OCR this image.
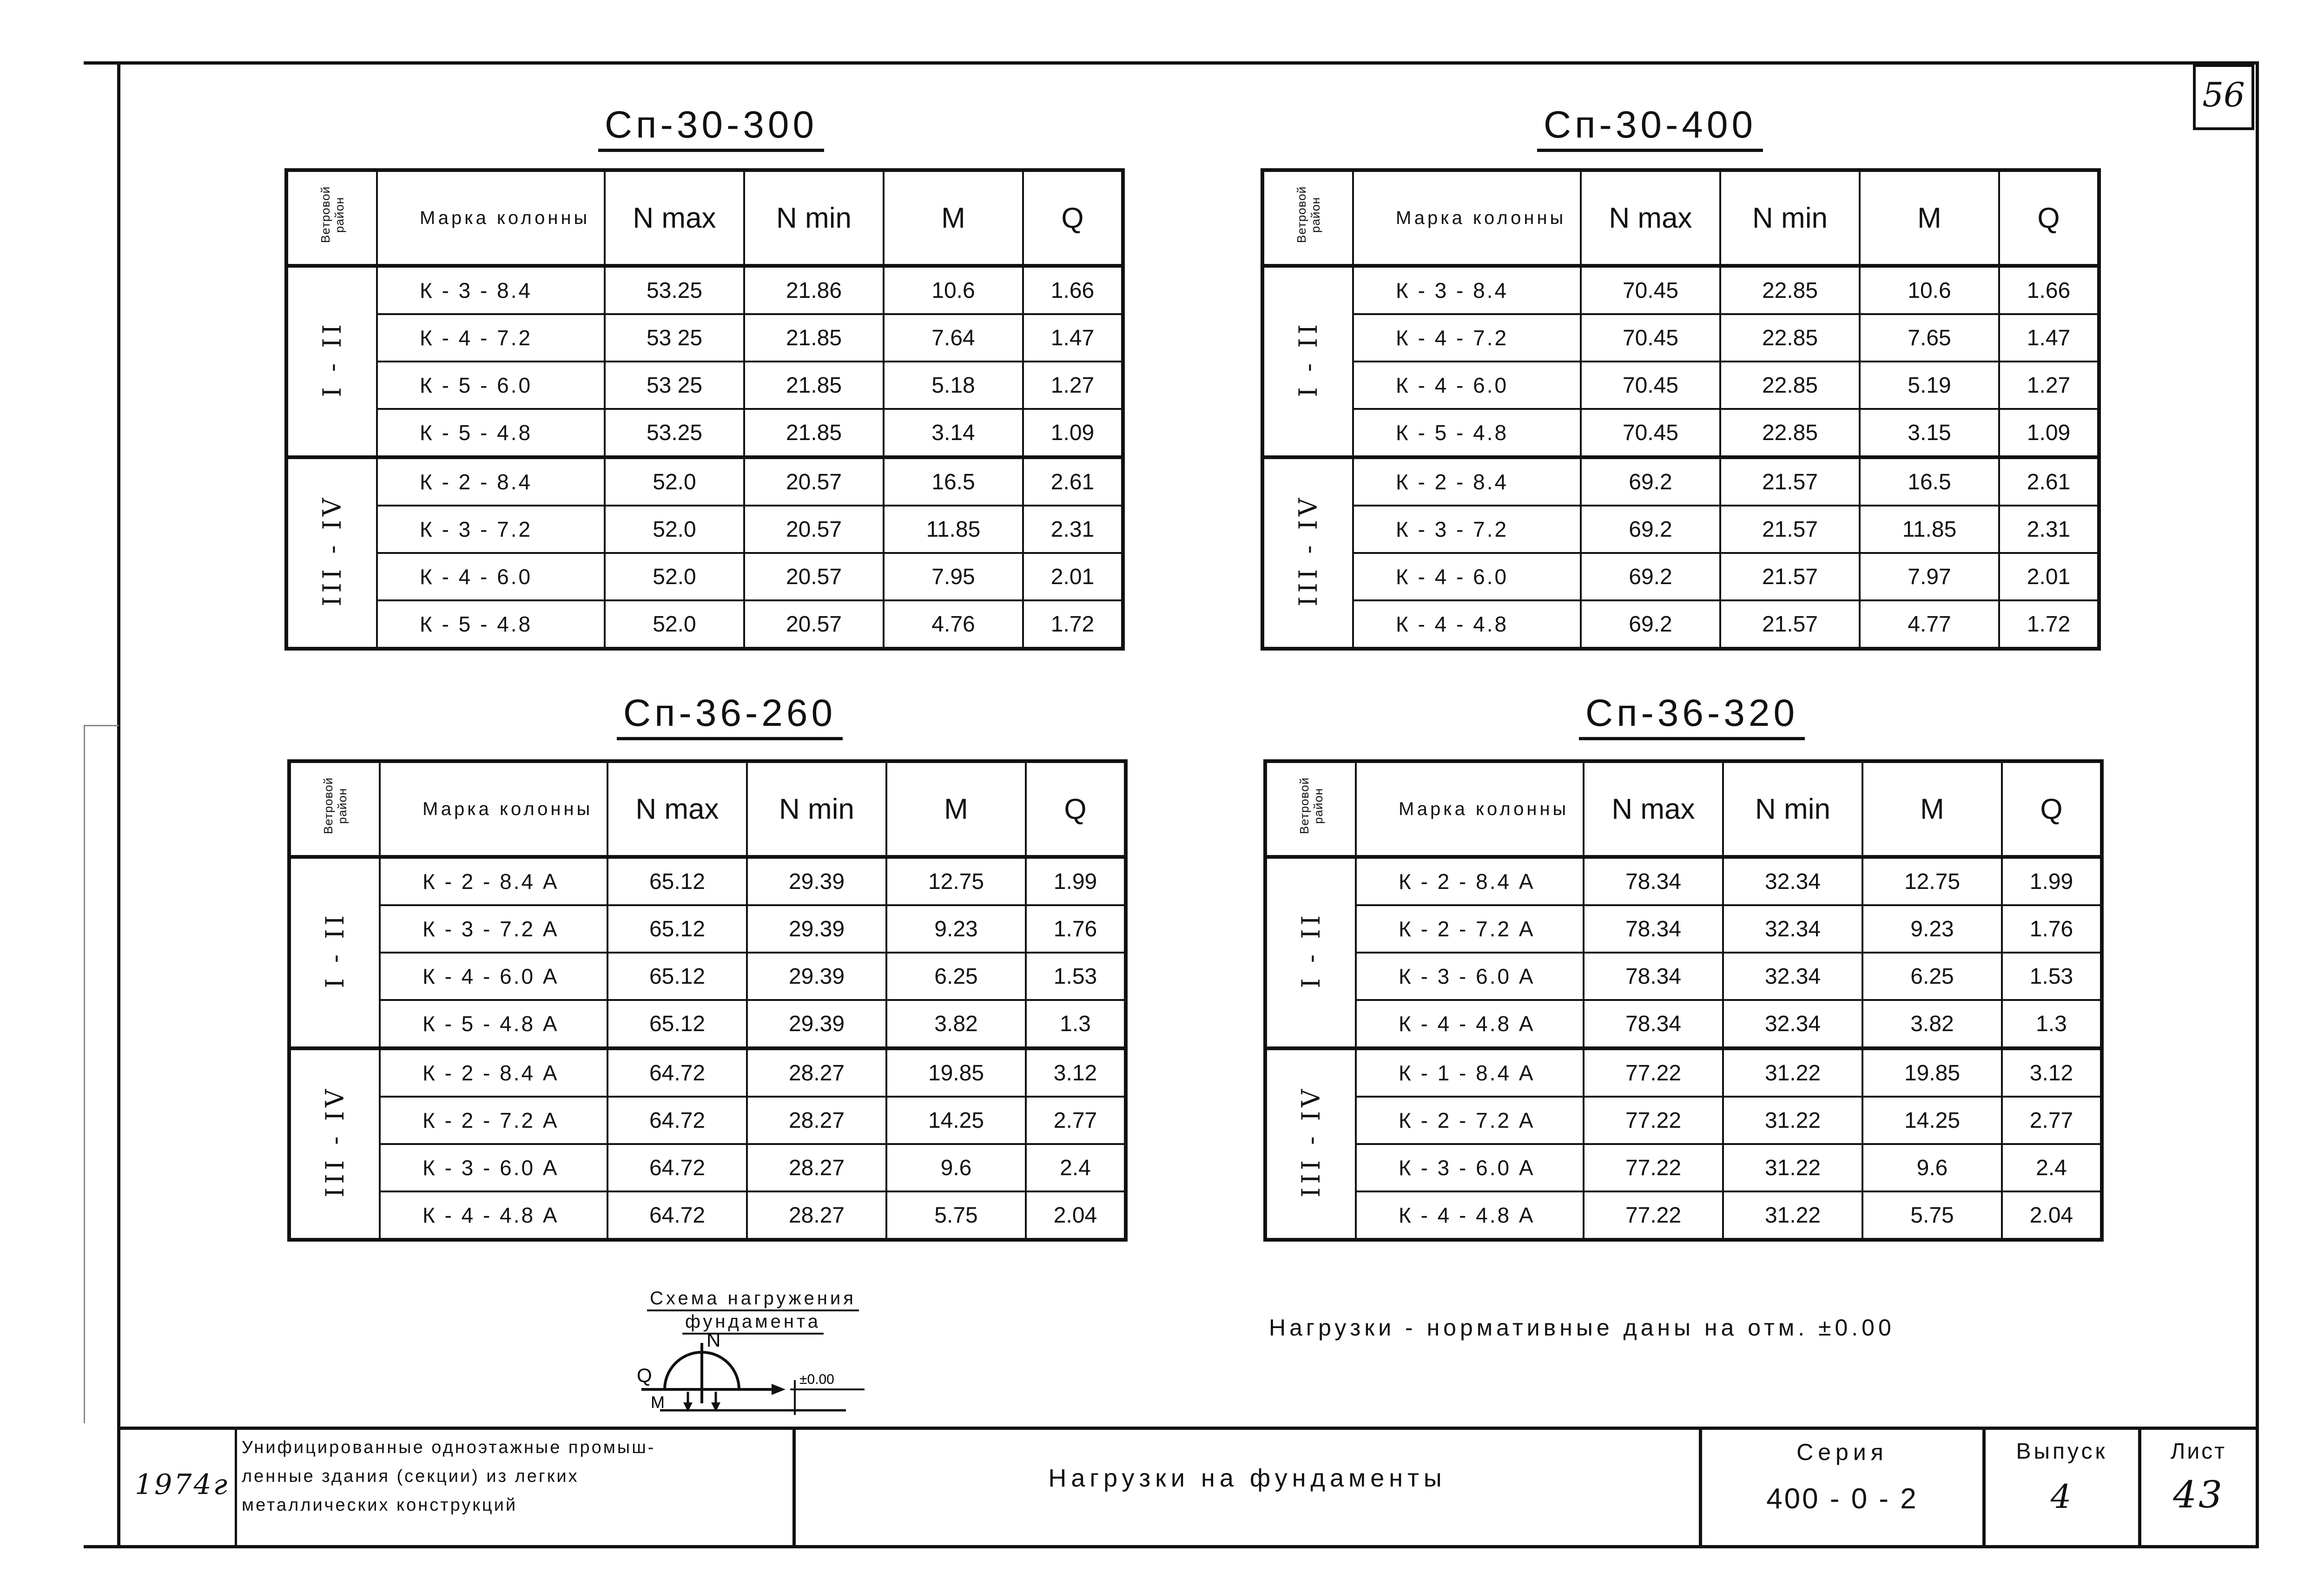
56
Сп-30-300
Ветровой район	Марка колонны	N max	N min	M	Q
I - II	К - 3 - 8.4	53.25	21.86	10.6	1.66
	К - 4 - 7.2	53 25	21.85	7.64	1.47
	К - 5 - 6.0	53 25	21.85	5.18	1.27
	К - 5 - 4.8	53.25	21.85	3.14	1.09
III - IV	К - 2 - 8.4	52.0	20.57	16.5	2.61
	К - 3 - 7.2	52.0	20.57	11.85	2.31
	К - 4 - 6.0	52.0	20.57	7.95	2.01
	К - 5 - 4.8	52.0	20.57	4.76	1.72
Сп-30-400
Ветровой район	Марка колонны	N max	N min	M	Q
I - II	К - 3 - 8.4	70.45	22.85	10.6	1.66
	К - 4 - 7.2	70.45	22.85	7.65	1.47
	К - 4 - 6.0	70.45	22.85	5.19	1.27
	К - 5 - 4.8	70.45	22.85	3.15	1.09
III - IV	К - 2 - 8.4	69.2	21.57	16.5	2.61
	К - 3 - 7.2	69.2	21.57	11.85	2.31
	К - 4 - 6.0	69.2	21.57	7.97	2.01
	К - 4 - 4.8	69.2	21.57	4.77	1.72
Сп-36-260
Ветровой район	Марка колонны	N max	N min	M	Q
I - II	К - 2 - 8.4 А	65.12	29.39	12.75	1.99
	К - 3 - 7.2 А	65.12	29.39	9.23	1.76
	К - 4 - 6.0 А	65.12	29.39	6.25	1.53
	К - 5 - 4.8 А	65.12	29.39	3.82	1.3
III - IV	К - 2 - 8.4 А	64.72	28.27	19.85	3.12
	К - 2 - 7.2 А	64.72	28.27	14.25	2.77
	К - 3 - 6.0 А	64.72	28.27	9.6	2.4
	К - 4 - 4.8 А	64.72	28.27	5.75	2.04
Сп-36-320
Ветровой район	Марка колонны	N max	N min	M	Q
I - II	К - 2 - 8.4 А	78.34	32.34	12.75	1.99
	К - 2 - 7.2 А	78.34	32.34	9.23	1.76
	К - 3 - 6.0 А	78.34	32.34	6.25	1.53
	К - 4 - 4.8 А	78.34	32.34	3.82	1.3
III - IV	К - 1 - 8.4 А	77.22	31.22	19.85	3.12
	К - 2 - 7.2 А	77.22	31.22	14.25	2.77
	К - 3 - 6.0 А	77.22	31.22	9.6	2.4
	К - 4 - 4.8 А	77.22	31.22	5.75	2.04
Схема нагружения
фундамента
N
Q
M
±0.00
Нагрузки - нормативные даны на отм. ±0.00
1974г
Унифицированные одноэтажные промыш-
ленные здания (секции) из легких
металлических конструкций
Нагрузки на фундаменты
Серия
400 - 0 - 2
Выпуск
4
Лист
43
